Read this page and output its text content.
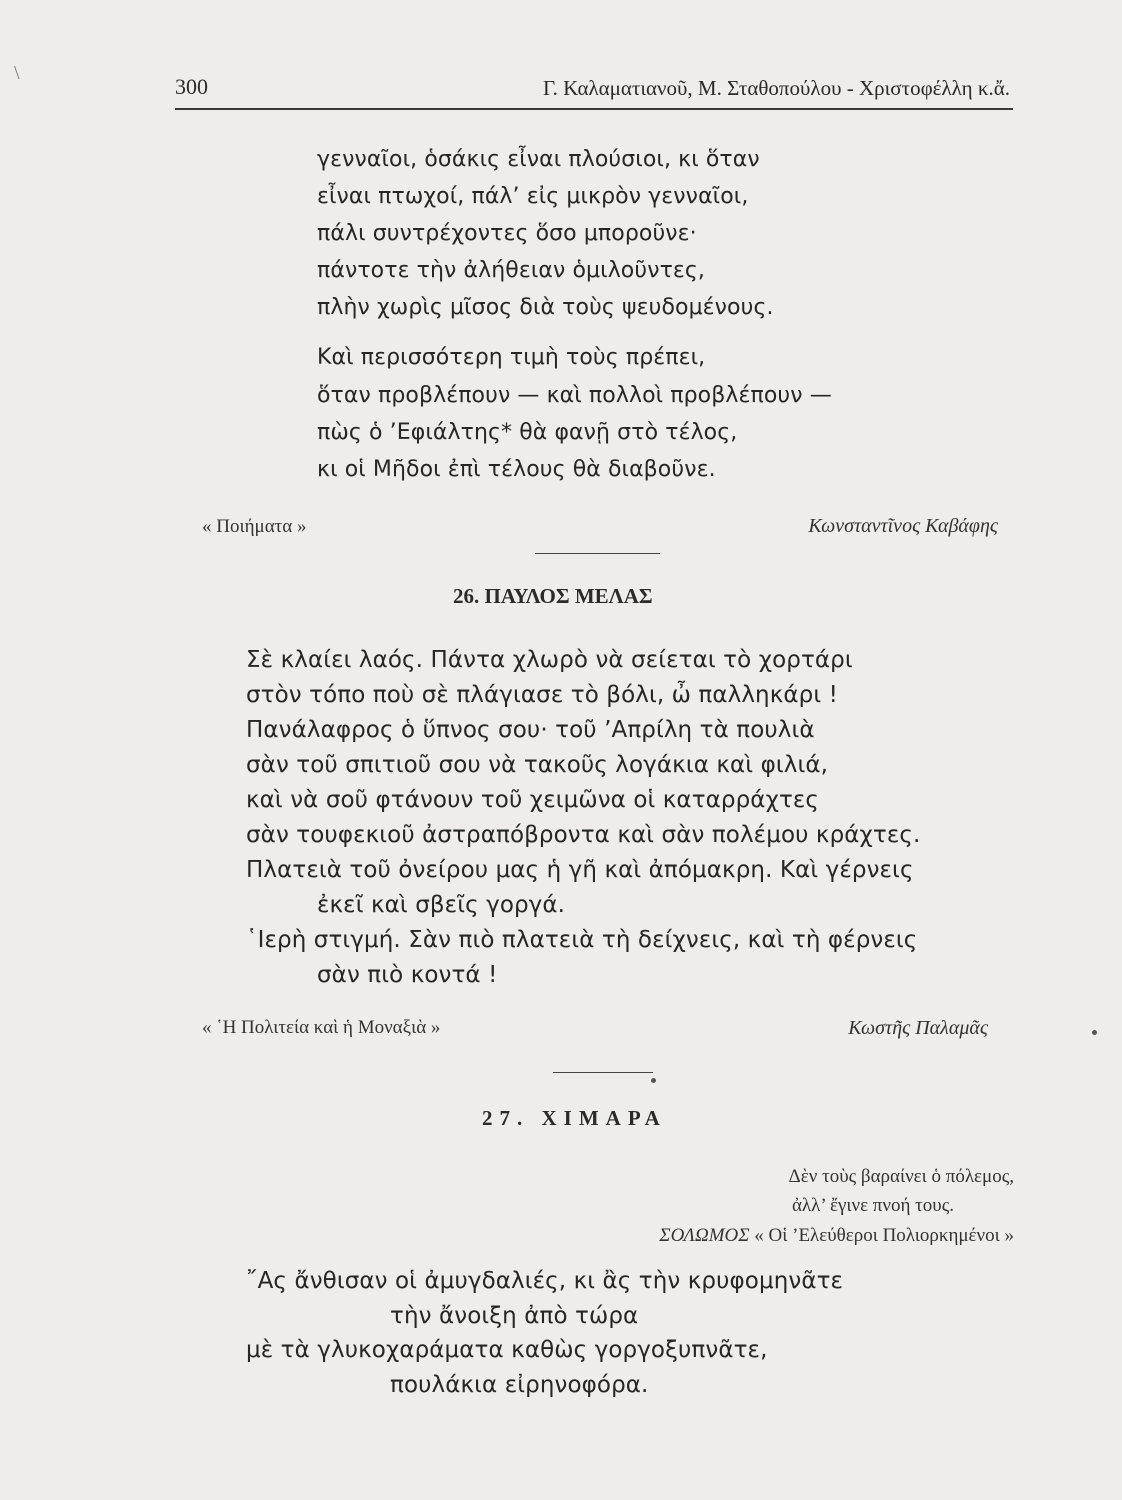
\
300	Γ. Καλαματιανοῦ, Μ. Σταθοπούλου - Χριστοφέλλη κ.ἄ.
γενναῖοι, ὁσάκις εἶναι πλούσιοι, κι ὅταν
εἶναι πτωχοί, πάλ’ εἰς μικρὸν γενναῖοι,
πάλι συντρέχοντες ὅσο μποροῦνε·
πάντοτε τὴν ἀλήθειαν ὁμιλοῦντες,
πλὴν χωρὶς μῖσος διὰ τοὺς ψευδομένους.
Καὶ περισσότερη τιμὴ τοὺς πρέπει,
ὅταν προβλέπουν — καὶ πολλοὶ προβλέπουν —
πὼς ὁ ’Εφιάλτης* θὰ φανῇ στὸ τέλος,
κι οἱ Μῆδοι ἐπὶ τέλους θὰ διαβοῦνε.
« Ποιήματα »	Κωνσταντῖνος Καβάφης
26. ΠΑΥΛΟΣ ΜΕΛΑΣ
Σὲ κλαίει λαός. Πάντα χλωρὸ νὰ σείεται τὸ χορτάρι
στὸν τόπο ποὺ σὲ πλάγιασε τὸ βόλι, ὦ παλληκάρι !
Πανάλαφρος ὁ ὕπνος σου· τοῦ ’Απρίλη τὰ πουλιὰ
σὰν τοῦ σπιτιοῦ σου νὰ τακοῦς λογάκια καὶ φιλιά,
καὶ νὰ σοῦ φτάνουν τοῦ χειμῶνα οἱ καταρράχτες
σὰν τουφεκιοῦ ἀστραπόβροντα καὶ σὰν πολέμου κράχτες.
Πλατειὰ τοῦ ὀνείρου μας ἡ γῆ καὶ ἀπόμακρη. Καὶ γέρνεις
ἐκεῖ καὶ σβεῖς γοργά.
῾Ιερὴ στιγμή. Σὰν πιὸ πλατειὰ τὴ δείχνεις, καὶ τὴ φέρνεις
σὰν πιὸ κοντά !
« ῾Η Πολιτεία καὶ ἡ Μοναξιὰ »	Κωστῆς Παλαμᾶς
27. ΧΙΜΑΡΑ
Δὲν τοὺς βαραίνει ὁ πόλεμος,
ἀλλ’ ἔγινε πνοή τους.
ΣΟΛΩΜΟΣ « Οἱ ’Ελεύθεροι Πολιορκημένοι »
῎Ας ἄνθισαν οἱ ἀμυγδαλιές, κι ἂς τὴν κρυφομηνᾶτε
τὴν ἄνοιξη ἀπὸ τώρα
μὲ τὰ γλυκοχαράματα καθὼς γοργοξυπνᾶτε,
πουλάκια εἰρηνοφόρα.
